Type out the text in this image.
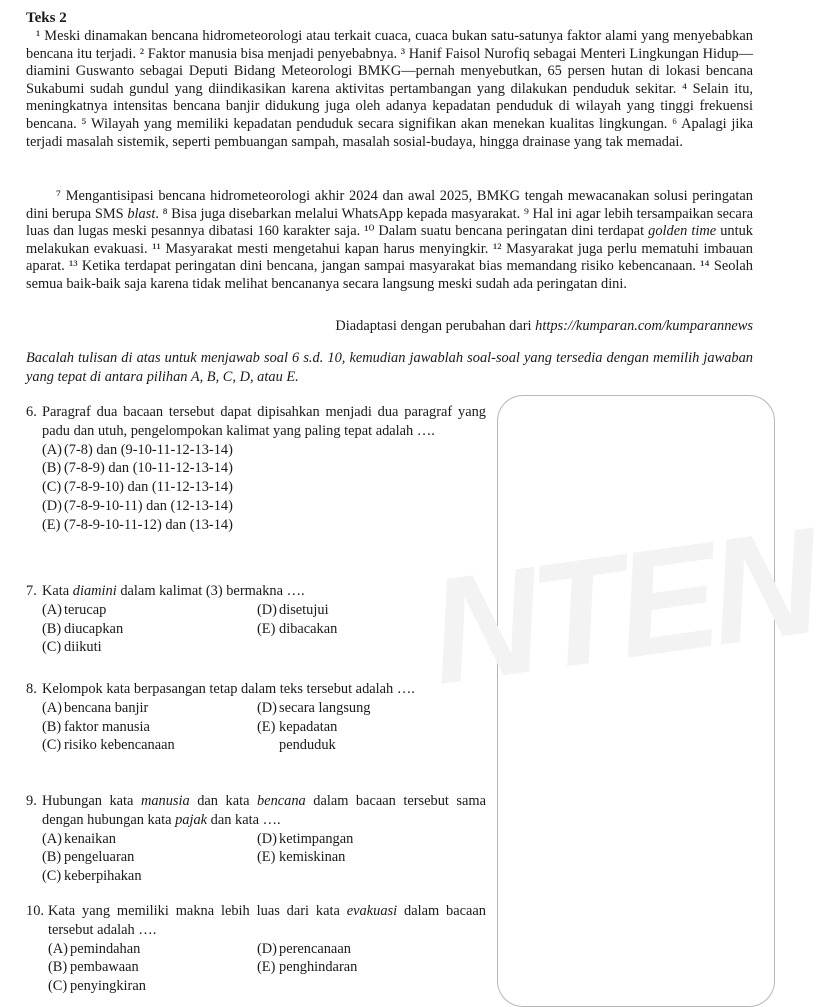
NTEN
Teks 2

¹ Meski dinamakan bencana hidrometeorologi atau terkait cuaca, cuaca bukan satu-satunya faktor alami yang menyebabkan bencana itu terjadi. ² Faktor manusia bisa menjadi penyebabnya. ³ Hanif Faisol Nurofiq sebagai Menteri Lingkungan Hidup—diamini Guswanto sebagai Deputi Bidang Meteorologi BMKG—pernah menyebutkan, 65 persen hutan di lokasi bencana Sukabumi sudah gundul yang diindikasikan karena aktivitas pertambangan yang dilakukan penduduk sekitar. ⁴ Selain itu, meningkatnya intensitas bencana banjir didukung juga oleh adanya kepadatan penduduk di wilayah yang tinggi frekuensi bencana. ⁵ Wilayah yang memiliki kepadatan penduduk secara signifikan akan menekan kualitas lingkungan. ⁶ Apalagi jika terjadi masalah sistemik, seperti pembuangan sampah, masalah sosial-budaya, hingga drainase yang tak memadai.

⁷ Mengantisipasi bencana hidrometeorologi akhir 2024 dan awal 2025, BMKG tengah mewacanakan solusi peringatan dini berupa SMS blast. ⁸ Bisa juga disebarkan melalui WhatsApp kepada masyarakat. ⁹ Hal ini agar lebih tersampaikan secara luas dan lugas meski pesannya dibatasi 160 karakter saja. ¹⁰ Dalam suatu bencana peringatan dini terdapat golden time untuk melakukan evakuasi. ¹¹ Masyarakat mesti mengetahui kapan harus menyingkir. ¹² Masyarakat juga perlu mematuhi imbauan aparat. ¹³ Ketika terdapat peringatan dini bencana, jangan sampai masyarakat bias memandang risiko kebencanaan. ¹⁴ Seolah semua baik-baik saja karena tidak melihat bencananya secara langsung meski sudah ada peringatan dini.

Diadaptasi dengan perubahan dari https://kumparan.com/kumparannews

Bacalah tulisan di atas untuk menjawab soal 6 s.d. 10, kemudian jawablah soal-soal yang tersedia dengan memilih jawaban yang tepat di antara pilihan A, B, C, D, atau E.

6. Paragraf dua bacaan tersebut dapat dipisahkan menjadi dua paragraf yang padu dan utuh, pengelompokan kalimat yang paling tepat adalah ….

(A) (7-8) dan (9-10-11-12-13-14)
(B) (7-8-9) dan (10-11-12-13-14)
(C) (7-8-9-10) dan (11-12-13-14)
(D) (7-8-9-10-11) dan (12-13-14)
(E) (7-8-9-10-11-12) dan (13-14)

7. Kata diamini dalam kalimat (3) bermakna ….

(A) terucap	(D) disetujui
(B) diucapkan	(E) dibacakan
(C) diikuti

8. Kelompok kata berpasangan tetap dalam teks tersebut adalah ….

(A) bencana banjir	(D) secara langsung
(B) faktor manusia	(E) kepadatan
(C) risiko kebencanaan	penduduk

9. Hubungan kata manusia dan kata bencana dalam bacaan tersebut sama dengan hubungan kata pajak dan kata ….

(A) kenaikan	(D) ketimpangan
(B) pengeluaran	(E) kemiskinan
(C) keberpihakan

10. Kata yang memiliki makna lebih luas dari kata evakuasi dalam bacaan tersebut adalah ….

(A) pemindahan	(D) perencanaan
(B) pembawaan	(E) penghindaran
(C) penyingkiran
